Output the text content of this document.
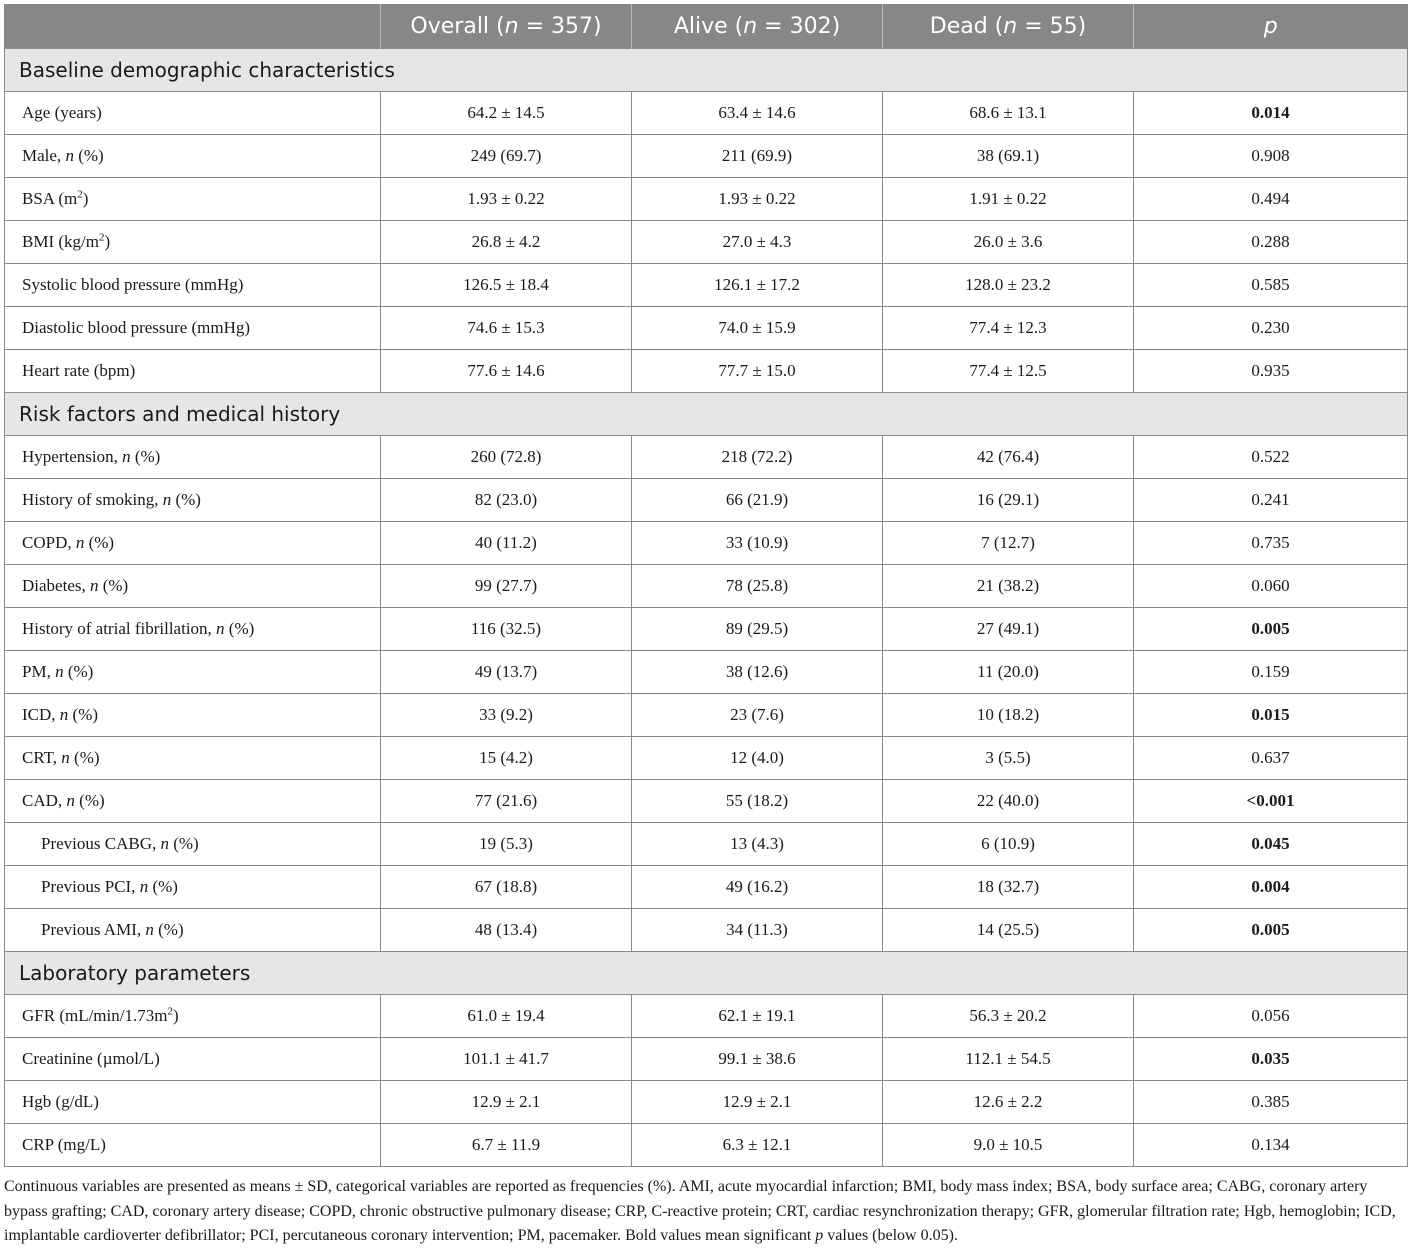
	Overall (n = 357)	Alive (n = 302)	Dead (n = 55)	p
Baseline demographic characteristics				
Age (years)	64.2 ± 14.5	63.4 ± 14.6	68.6 ± 13.1	0.014
Male, n (%)	249 (69.7)	211 (69.9)	38 (69.1)	0.908
BSA $(m^2)$	1.93 ± 0.22	1.93 ± 0.22	1.91 ± 0.22	0.494
BMI $(kg/m^2)$	26.8 ± 4.2	27.0 ± 4.3	26.0 ± 3.6	0.288
Systolic blood pressure (mmHg)	126.5 ± 18.4	126.1 ± 17.2	128.0 ± 23.2	0.585
Diastolic blood pressure (mmHg)	74.6 ± 15.3	74.0 ± 15.9	77.4 ± 12.3	0.230
Heart rate (bpm)	77.6 ± 14.6	77.7 ± 15.0	77.4 ± 12.5	0.935
Risk factors and medical history				
Hypertension, n (%)	260 (72.8)	218 (72.2)	42 (76.4)	0.522
History of smoking, n (%)	82 (23.0)	66 (21.9)	16 (29.1)	0.241
COPD, n (%)	40 (11.2)	33 (10.9)	7 (12.7)	0.735
Diabetes, n (%)	99 (27.7)	78 (25.8)	21 (38.2)	0.060
History of atrial fibrillation, n (%)	116 (32.5)	89 (29.5)	27 (49.1)	0.005
PM, n (%)	49 (13.7)	38 (12.6)	11 (20.0)	0.159
ICD, n (%)	33 (9.2)	23 (7.6)	10 (18.2)	0.015
CRT, n (%)	15 (4.2)	12 (4.0)	3 (5.5)	0.637
CAD, n (%)	77 (21.6)	55 (18.2)	22 (40.0)	<0.001
Previous CABG, n (%)	19 (5.3)	13 (4.3)	6 (10.9)	0.045
Previous PCI, n (%)	67 (18.8)	49 (16.2)	18 (32.7)	0.004
Previous AMI, n (%)	48 (13.4)	34 (11.3)	14 (25.5)	0.005
Laboratory parameters				
GFR $(mL/\min/1.73m^2)$	61.0 ± 19.4	62.1 ± 19.1	56.3 ± 20.2	0.056
Creatinine (µmol/L)	101.1 ± 41.7	99.1 ± 38.6	112.1 ± 54.5	0.035
Hgb (g/dL)	12.9 ± 2.1	12.9 ± 2.1	12.6 ± 2.2	0.385
CRP (mg/L)	6.7 ± 11.9	6.3 ± 12.1	9.0 ± 10.5	0.134
Continuous variables are presented as means ± SD, categorical variables are reported as frequencies (%). AMI, acute myocardial infarction; BMI, body mass index; BSA, body surface area; CABG, coronary artery bypass grafting; CAD, coronary artery disease; COPD, chronic obstructive pulmonary disease; CRP, C-reactive protein; CRT, cardiac resynchronization therapy; GFR, glomerular filtration rate; Hgb, hemoglobin; ICD, implantable cardioverter defibrillator; PCI, percutaneous coronary intervention; PM, pacemaker. Bold values mean significant p values (below 0.05).
